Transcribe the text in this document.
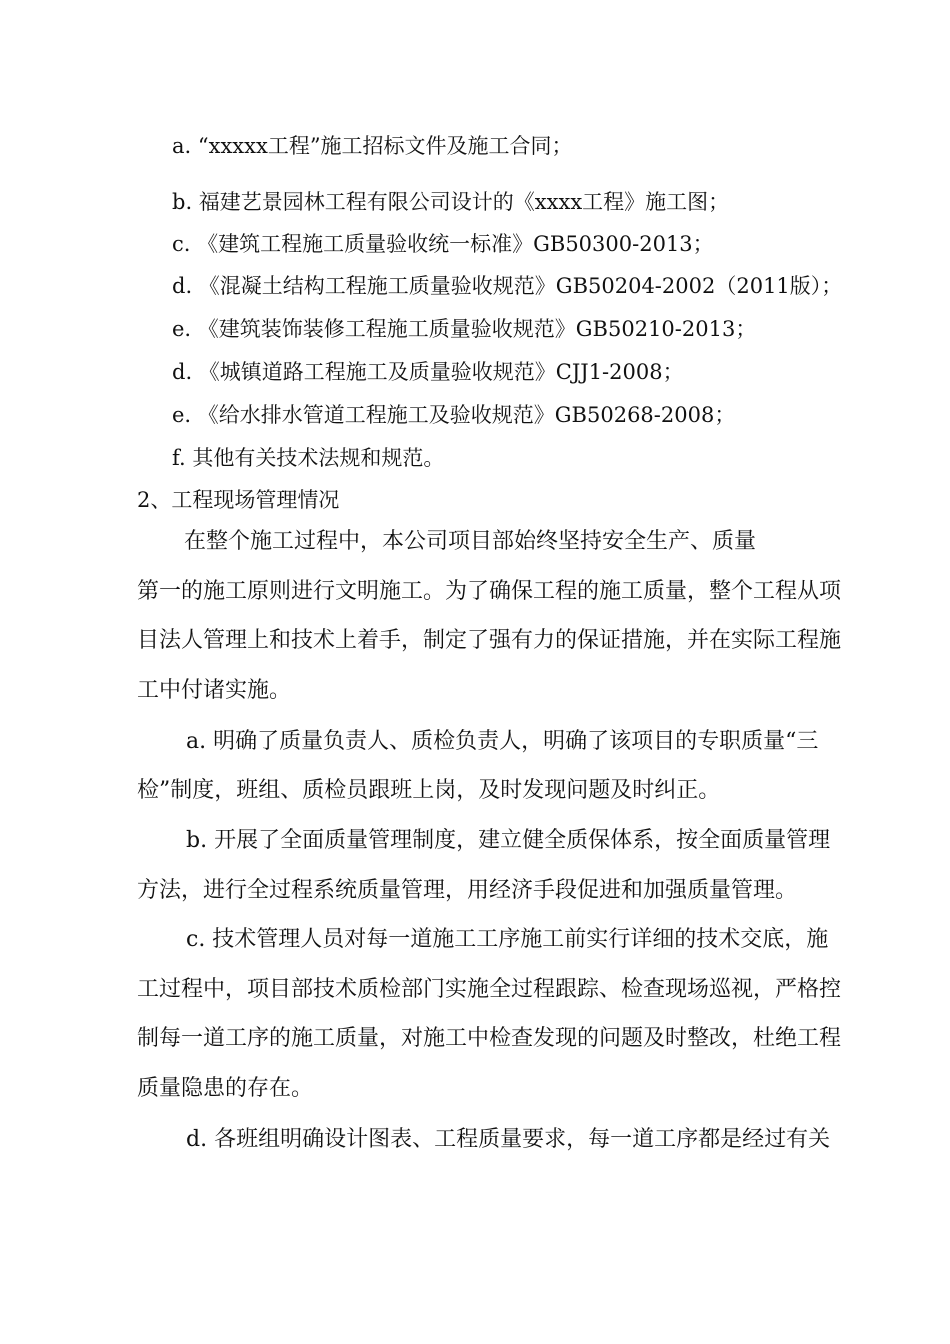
a. “xxxxx工程”施工招标文件及施工合同；
b. 福建艺景园林工程有限公司设计的《xxxx工程》施工图；
c. 《建筑工程施工质量验收统一标准》GB50300-2013；
d. 《混凝土结构工程施工质量验收规范》GB50204-2002（2011版）；
e. 《建筑装饰装修工程施工质量验收规范》GB50210-2013；
d. 《城镇道路工程施工及质量验收规范》CJJ1-2008；
e. 《给水排水管道工程施工及验收规范》GB50268-2008；
f. 其他有关技术法规和规范。
2、工程现场管理情况
在整个施工过程中，本公司项目部始终坚持安全生产、质量
第一的施工原则进行文明施工。为了确保工程的施工质量，整个工程从项
目法人管理上和技术上着手，制定了强有力的保证措施，并在实际工程施
工中付诸实施。
a. 明确了质量负责人、质检负责人，明确了该项目的专职质量“三
检”制度，班组、质检员跟班上岗，及时发现问题及时纠正。
b. 开展了全面质量管理制度，建立健全质保体系，按全面质量管理
方法，进行全过程系统质量管理，用经济手段促进和加强质量管理。
c. 技术管理人员对每一道施工工序施工前实行详细的技术交底，施
工过程中，项目部技术质检部门实施全过程跟踪、检查现场巡视，严格控
制每一道工序的施工质量，对施工中检查发现的问题及时整改，杜绝工程
质量隐患的存在。
d. 各班组明确设计图表、工程质量要求，每一道工序都是经过有关
